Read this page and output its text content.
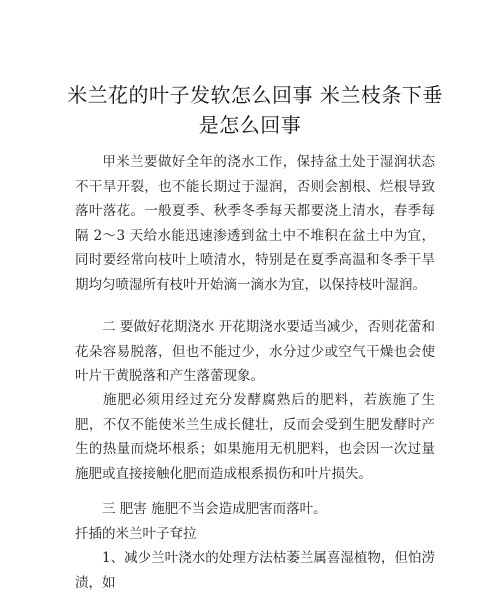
米兰花的叶子发软怎么回事 米兰枝条下垂
是怎么回事

甲米兰要做好全年的浇水工作，保持盆土处于湿润状态不干旱开裂，也不能长期过于湿润，否则会割根、烂根导致落叶落花。一般夏季、秋季冬季每天都要浇上清水，春季每隔 2～3 天给水能迅速渗透到盆土中不堆积在盆土中为宜，同时要经常向枝叶上喷清水，特别是在夏季高温和冬季干旱期均匀喷湿所有枝叶开始滴一滴水为宜，以保持枝叶湿润。

二 要做好花期浇水 开花期浇水要适当减少，否则花蕾和花朵容易脱落，但也不能过少，水分过少或空气干燥也会使叶片干黄脱落和产生落蕾现象。

施肥必须用经过充分发酵腐熟后的肥料，若族施了生肥，不仅不能使米兰生成长健壮，反而会受到生肥发酵时产生的热量而烧坏根系；如果施用无机肥料，也会因一次过量施肥或直接接触化肥而造成根系损伤和叶片损失。

三 肥害 施肥不当会造成肥害而落叶。

扦插的米兰叶子耷拉

1、减少兰叶浇水的处理方法枯萎兰属喜湿植物，但怕涝渍，如
